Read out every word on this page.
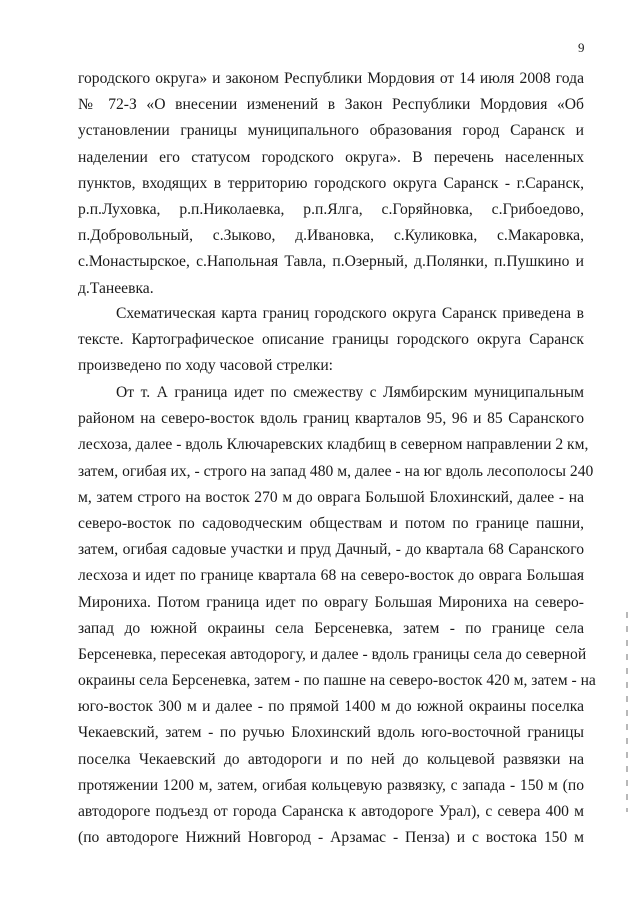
9
городского округа» и законом Республики Мордовия от 14 июля 2008 года
№ 72-З «О внесении изменений в Закон Республики Мордовия «Об
установлении границы муниципального образования город Саранск и
наделении его статусом городского округа». В перечень населенных
пунктов, входящих в территорию городского округа Саранск - г.Саранск,
р.п.Луховка, р.п.Николаевка, р.п.Ялга, с.Горяйновка, с.Грибоедово,
п.Добровольный, с.Зыково, д.Ивановка, с.Куликовка, с.Макаровка,
с.Монастырское, с.Напольная Тавла, п.Озерный, д.Полянки, п.Пушкино и
д.Танеевка.
Схематическая карта границ городского округа Саранск приведена в
тексте. Картографическое описание границы городского округа Саранск
произведено по ходу часовой стрелки:
От т. А граница идет по смежеству с Лямбирским муниципальным
районом на северо-восток вдоль границ кварталов 95, 96 и 85 Саранского
лесхоза, далее - вдоль Ключаревских кладбищ в северном направлении 2 км,
затем, огибая их, - строго на запад 480 м, далее - на юг вдоль лесополосы 240
м, затем строго на восток 270 м до оврага Большой Блохинский, далее - на
северо-восток по садоводческим обществам и потом по границе пашни,
затем, огибая садовые участки и пруд Дачный, - до квартала 68 Саранского
лесхоза и идет по границе квартала 68 на северо-восток до оврага Большая
Мирониха. Потом граница идет по оврагу Большая Мирониха на северо-
запад до южной окраины села Берсеневка, затем - по границе села
Берсеневка, пересекая автодорогу, и далее - вдоль границы села до северной
окраины села Берсеневка, затем - по пашне на северо-восток 420 м, затем - на
юго-восток 300 м и далее - по прямой 1400 м до южной окраины поселка
Чекаевский, затем - по ручью Блохинский вдоль юго-восточной границы
поселка Чекаевский до автодороги и по ней до кольцевой развязки на
протяжении 1200 м, затем, огибая кольцевую развязку, с запада - 150 м (по
автодороге подъезд от города Саранска к автодороге Урал), с севера 400 м
(по автодороге Нижний Новгород - Арзамас - Пенза) и с востока 150 м
